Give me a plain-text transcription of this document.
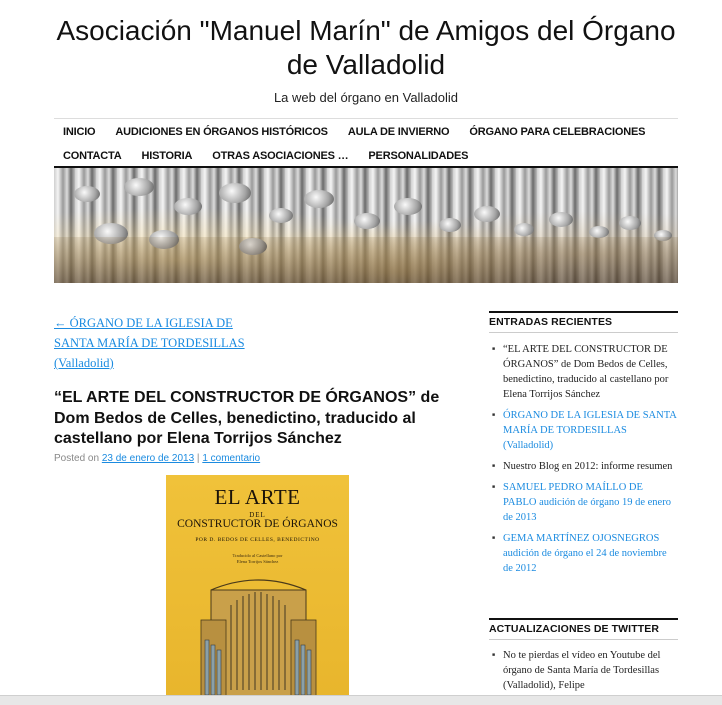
Asociación "Manuel Marín" de Amigos del Órgano de Valladolid
La web del órgano en Valladolid
INICIO	AUDICIONES EN ÓRGANOS HISTÓRICOS	AULA DE INVIERNO	ÓRGANO PARA CELEBRACIONES
CONTACTA	HISTORIA	OTRAS ASOCIACIONES …	PERSONALIDADES
← ÓRGANO DE LA IGLESIA DE SANTA MARÍA DE TORDESILLAS (Valladolid)
“EL ARTE DEL CONSTRUCTOR DE ÓRGANOS” de Dom Bedos de Celles, benedictino, traducido al castellano por Elena Torrijos Sánchez
Posted on 23 de enero de 2013 | 1 comentario
EL ARTE
DEL
CONSTRUCTOR DE ÓRGANOS
POR D. BEDOS DE CELLES, BENEDICTINO
Traducido al Castellano por
Elena Torrijos Sánchez
ENTRADAS RECIENTES
■ “EL ARTE DEL CONSTRUCTOR DE ÓRGANOS” de Dom Bedos de Celles, benedictino, traducido al castellano por Elena Torrijos Sánchez
■ ÓRGANO DE LA IGLESIA DE SANTA MARÍA DE TORDESILLAS (Valladolid)
■ Nuestro Blog en 2012: informe resumen
■ SAMUEL PEDRO MAÍLLO DE PABLO audición de órgano 19 de enero de 2013
■ GEMA MARTÍNEZ OJOSNEGROS audición de órgano el 24 de noviembre de 2012
ACTUALIZACIONES DE TWITTER
■ No te pierdas el vídeo en Youtube del órgano de Santa María de Tordesillas (Valladolid), Felipe
